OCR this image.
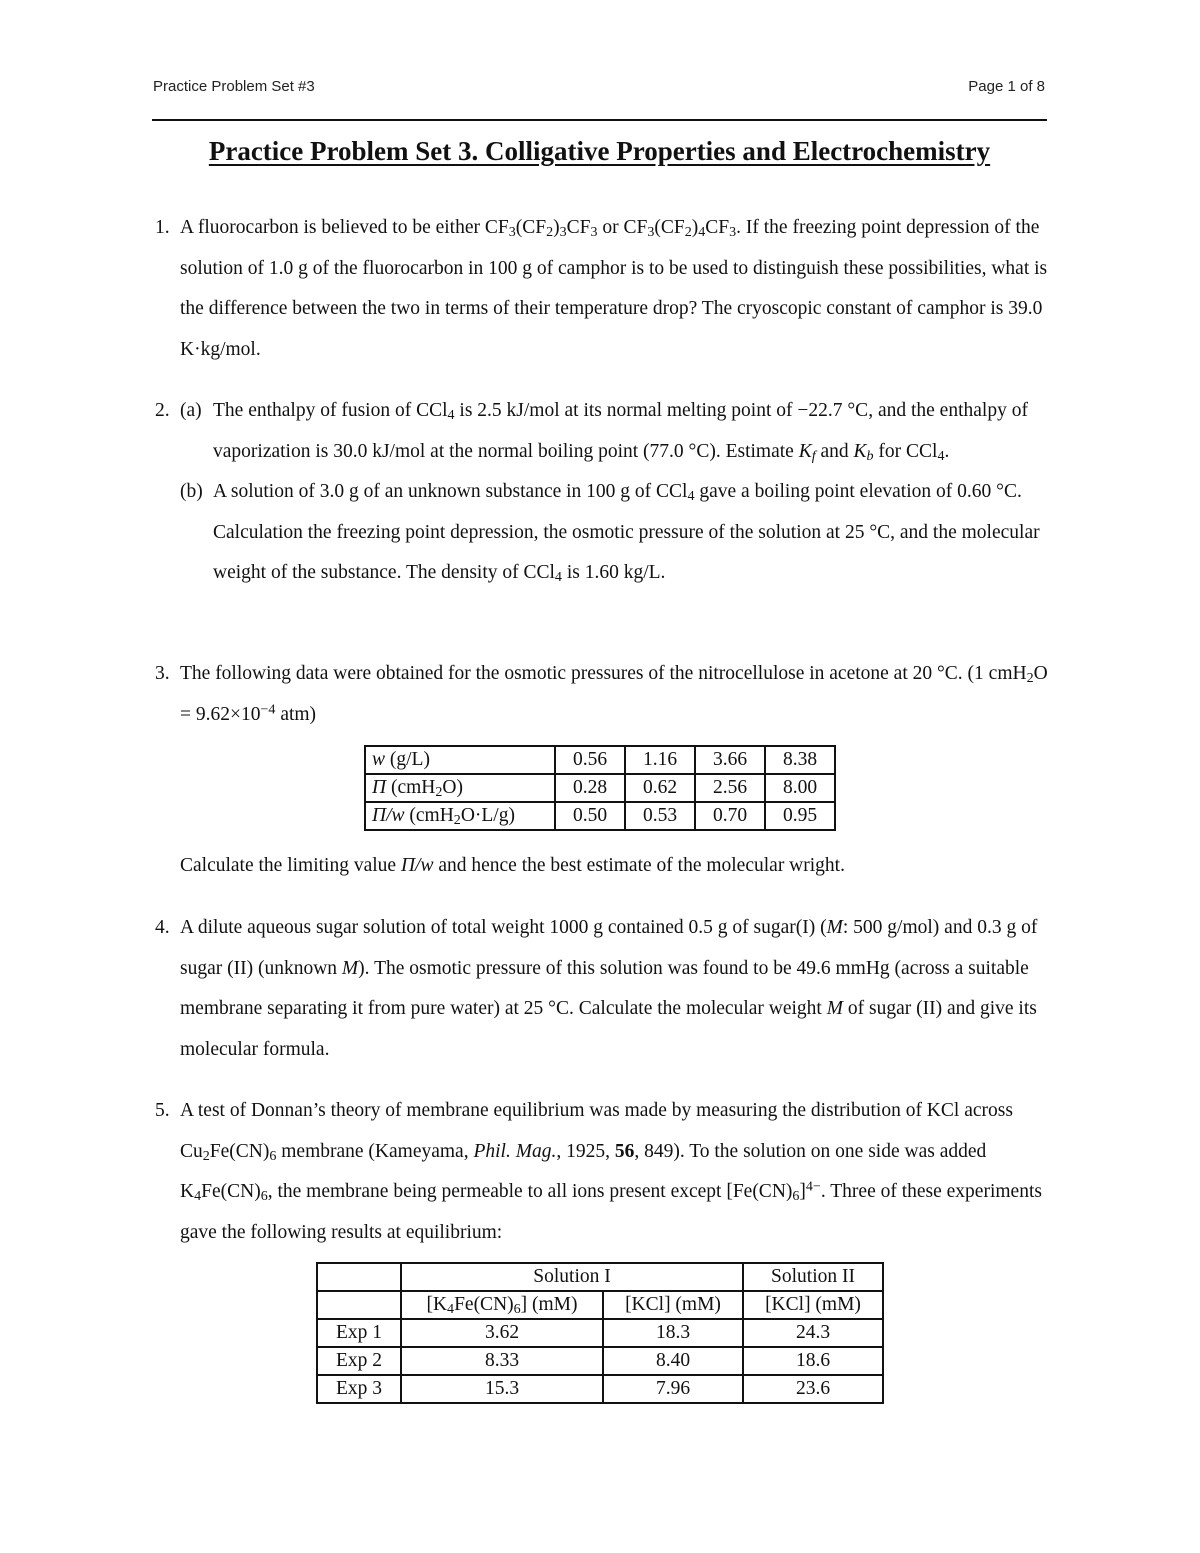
Practice Problem Set #3	Page 1 of 8
Practice Problem Set 3. Colligative Properties and Electrochemistry
1. A fluorocarbon is believed to be either $CF_3(CF_2)_3CF_3$ or $CF_3(CF_2)_4CF_3$. If the freezing point depression of the solution of 1.0 g of the fluorocarbon in 100 g of camphor is to be used to distinguish these possibilities, what is the difference between the two in terms of their temperature drop? The cryoscopic constant of camphor is 39.0 K·kg/mol.
2. (a) The enthalpy of fusion of CCl$_4$ is 2.5 kJ/mol at its normal melting point of −22.7 °C, and the enthalpy of vaporization is 30.0 kJ/mol at the normal boiling point (77.0 °C). Estimate $K_f$ and $K_b$ for CCl$_4$.
(b) A solution of 3.0 g of an unknown substance in 100 g of CCl$_4$ gave a boiling point elevation of 0.60 °C. Calculation the freezing point depression, the osmotic pressure of the solution at 25 °C, and the molecular weight of the substance. The density of CCl$_4$ is 1.60 kg/L.
3. The following data were obtained for the osmotic pressures of the nitrocellulose in acetone at 20 °C. (1 $cmH_2O = 9.62\times 10^{-4}$ atm)
w (g/L)	0.56	1.16	3.66	8.38
Π (cmH$_2$O)	0.28	0.62	2.56	8.00
Π/w (cmH$_2$O·L/g)	0.50	0.53	0.70	0.95
Calculate the limiting value Π/w and hence the best estimate of the molecular wright.
4. A dilute aqueous sugar solution of total weight 1000 g contained 0.5 g of sugar(I) (M: 500 g/mol) and 0.3 g of sugar (II) (unknown M). The osmotic pressure of this solution was found to be 49.6 mmHg (across a suitable membrane separating it from pure water) at 25 °C. Calculate the molecular weight M of sugar (II) and give its molecular formula.
5. A test of Donnan’s theory of membrane equilibrium was made by measuring the distribution of KCl across $Cu_2Fe(CN)_6$ membrane (Kameyama, Phil. Mag., 1925, 56, 849). To the solution on one side was added $K_4Fe(CN)_6$, the membrane being permeable to all ions present except $[Fe(CN)_6]^{4-}$. Three of these experiments gave the following results at equilibrium:
	Solution I		Solution II
	$[K_4Fe(CN)_6]$ (mM)	[KCl] (mM)	[KCl] (mM)
Exp 1	3.62	18.3	24.3
Exp 2	8.33	8.40	18.6
Exp 3	15.3	7.96	23.6
